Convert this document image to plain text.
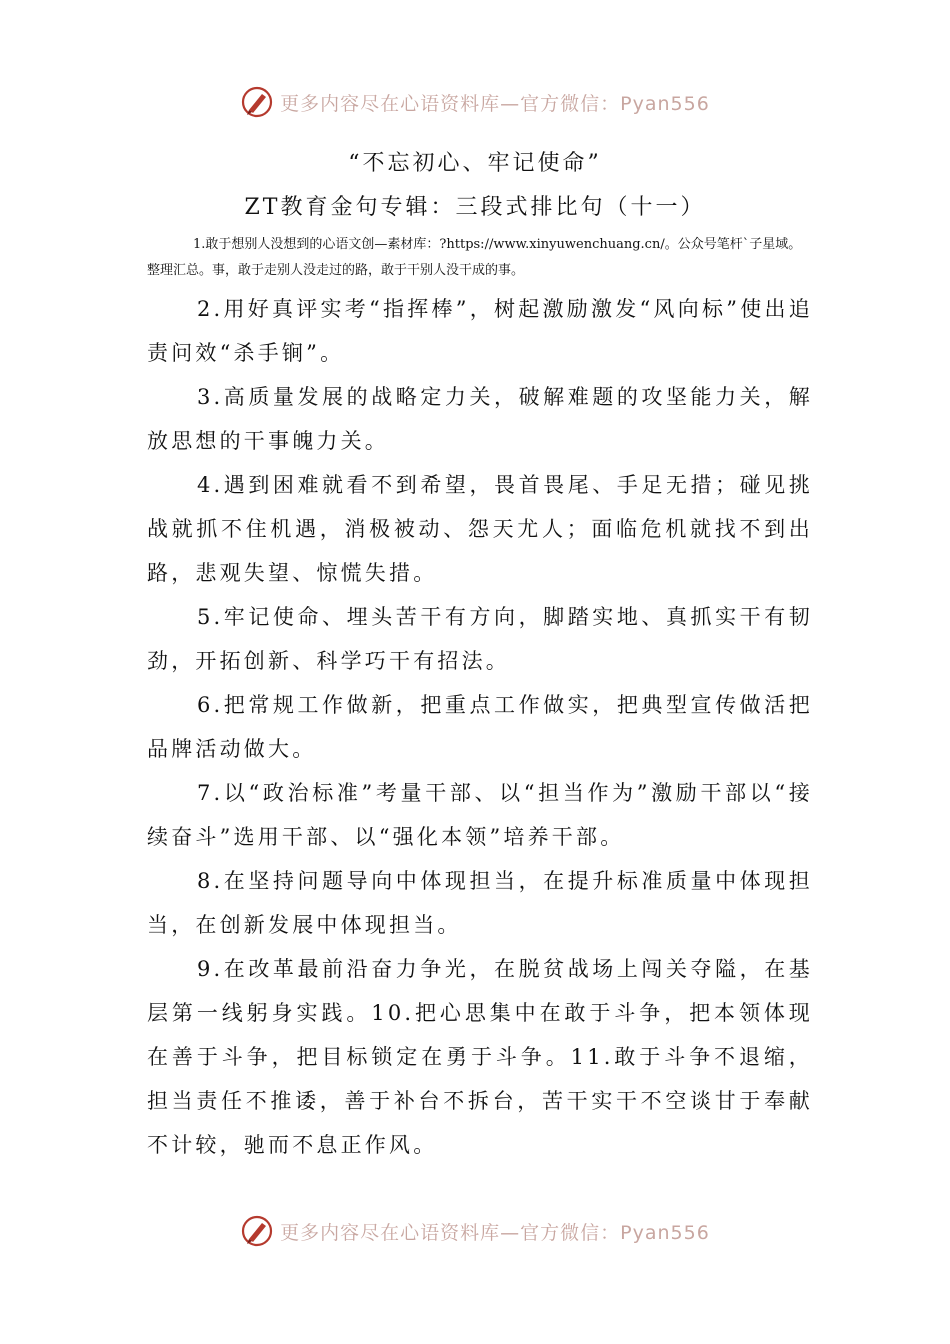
更多内容尽在心语资料库—官方微信：Pyan556
“不忘初心、牢记使命”
ZT教育金句专辑：三段式排比句（十一）
1.敢于想别人没想到的心语文创—素材库：?https://www.xinyuwenchuang.cn/。公众号笔杆`子星域。整理汇总。事，敢于走别人没走过的路，敢于干别人没干成的事。

2.用好真评实考“指挥棒”，树起激励激发“风向标”使出追责问效“杀手锏”。

3.高质量发展的战略定力关，破解难题的攻坚能力关，解放思想的干事魄力关。

4.遇到困难就看不到希望，畏首畏尾、手足无措；碰见挑战就抓不住机遇，消极被动、怨天尤人；面临危机就找不到出路，悲观失望、惊慌失措。

5.牢记使命、埋头苦干有方向，脚踏实地、真抓实干有韧劲，开拓创新、科学巧干有招法。

6.把常规工作做新，把重点工作做实，把典型宣传做活把品牌活动做大。

7.以“政治标准”考量干部、以“担当作为”激励干部以“接续奋斗”选用干部、以“强化本领”培养干部。

8.在坚持问题导向中体现担当，在提升标准质量中体现担当，在创新发展中体现担当。

9.在改革最前沿奋力争光，在脱贫战场上闯关夺隘，在基层第一线躬身实践。10.把心思集中在敢于斗争，把本领体现在善于斗争，把目标锁定在勇于斗争。11.敢于斗争不退缩，担当责任不推诿，善于补台不拆台，苦干实干不空谈甘于奉献不计较，驰而不息正作风。

更多内容尽在心语资料库—官方微信：Pyan556
